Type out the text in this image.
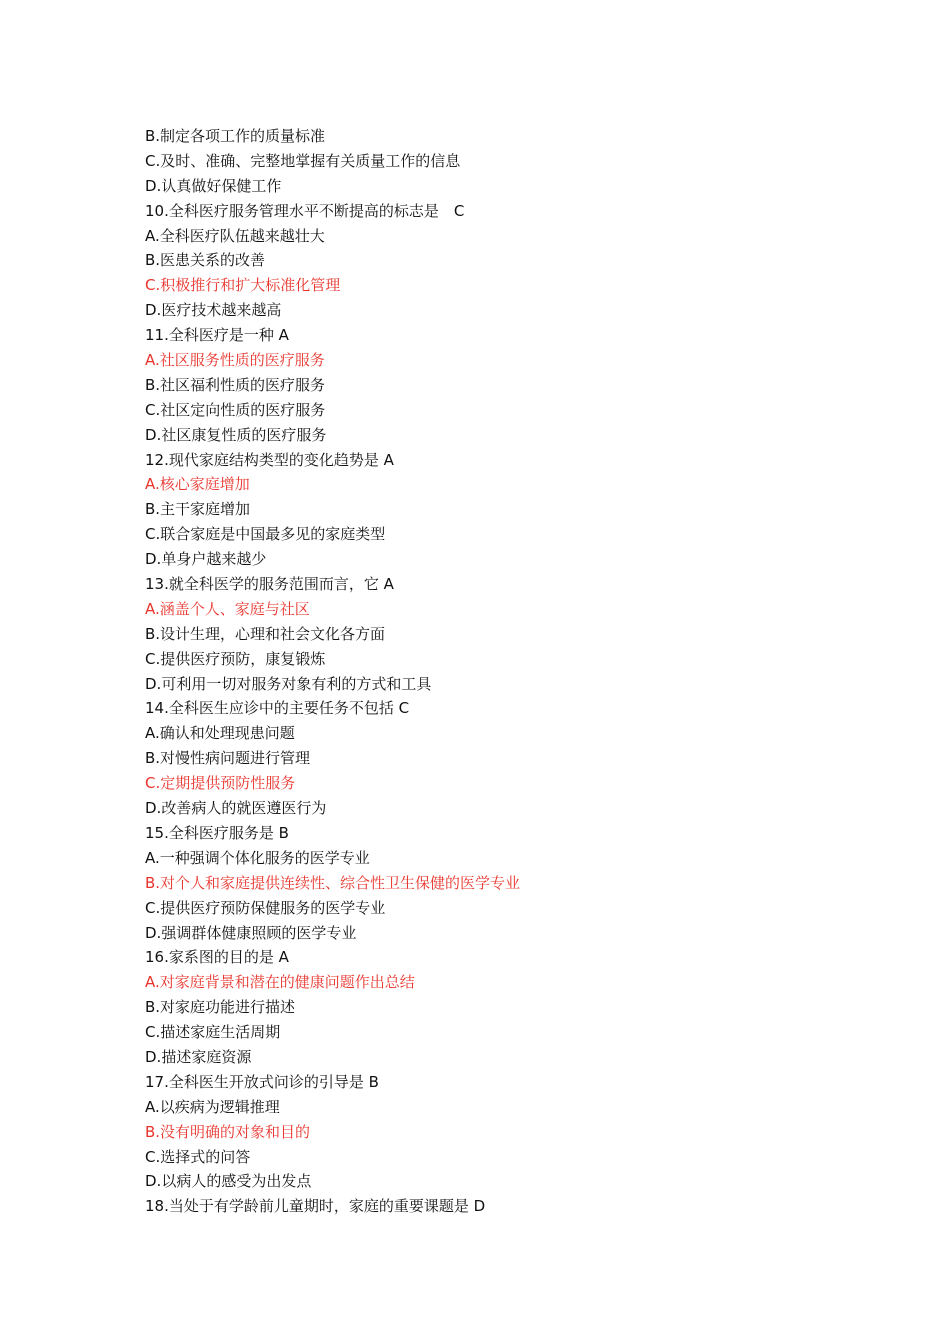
B.制定各项工作的质量标准
C.及时、准确、完整地掌握有关质量工作的信息
D.认真做好保健工作
10.全科医疗服务管理水平不断提高的标志是　C
A.全科医疗队伍越来越壮大
B.医患关系的改善
C.积极推行和扩大标准化管理
D.医疗技术越来越高
11.全科医疗是一种 A
A.社区服务性质的医疗服务
B.社区福利性质的医疗服务
C.社区定向性质的医疗服务
D.社区康复性质的医疗服务
12.现代家庭结构类型的变化趋势是 A
A.核心家庭增加
B.主干家庭增加
C.联合家庭是中国最多见的家庭类型
D.单身户越来越少
13.就全科医学的服务范围而言，它 A
A.涵盖个人、家庭与社区
B.设计生理，心理和社会文化各方面
C.提供医疗预防，康复锻炼
D.可利用一切对服务对象有利的方式和工具
14.全科医生应诊中的主要任务不包括 C
A.确认和处理现患问题
B.对慢性病问题进行管理
C.定期提供预防性服务
D.改善病人的就医遵医行为
15.全科医疗服务是 B
A.一种强调个体化服务的医学专业
B.对个人和家庭提供连续性、综合性卫生保健的医学专业
C.提供医疗预防保健服务的医学专业
D.强调群体健康照顾的医学专业
16.家系图的目的是 A
A.对家庭背景和潜在的健康问题作出总结
B.对家庭功能进行描述
C.描述家庭生活周期
D.描述家庭资源
17.全科医生开放式问诊的引导是 B
A.以疾病为逻辑推理
B.没有明确的对象和目的
C.选择式的问答
D.以病人的感受为出发点
18.当处于有学龄前儿童期时，家庭的重要课题是 D
